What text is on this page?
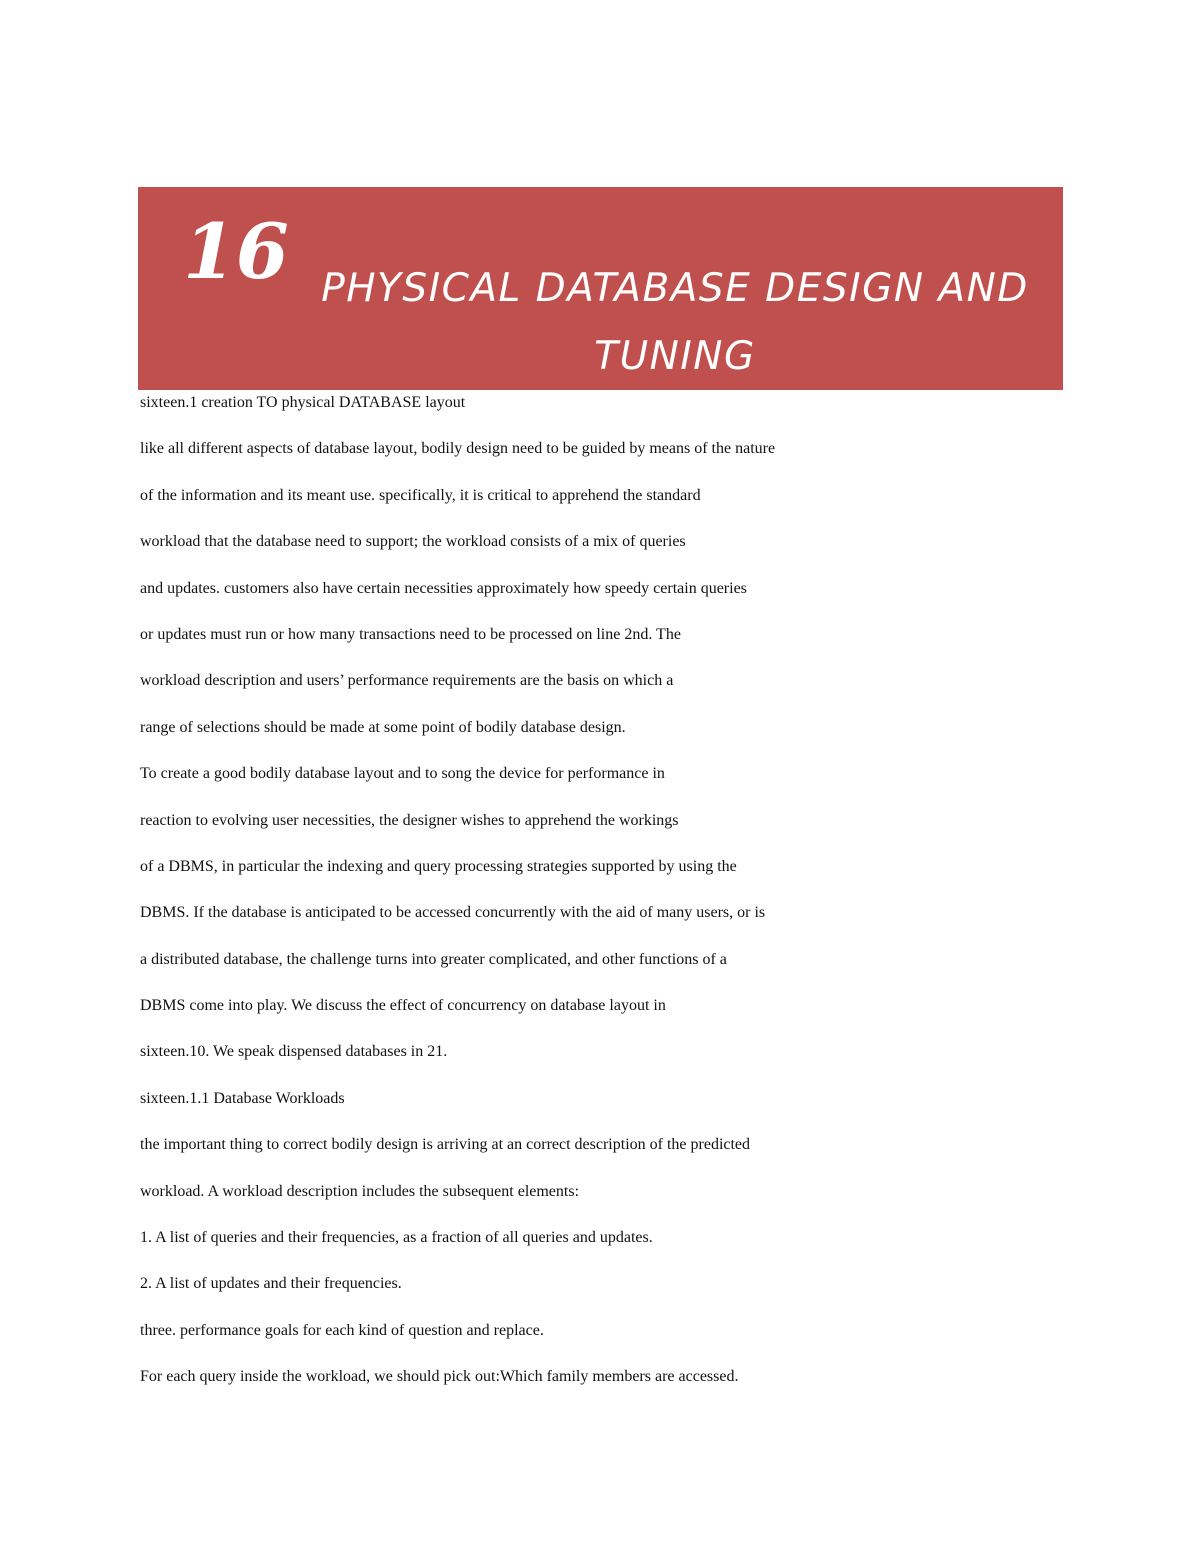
16 PHYSICAL DATABASE DESIGN AND TUNING

sixteen.1 creation TO physical DATABASE layout

like all different aspects of database layout, bodily design need to be guided by means of the nature

of the information and its meant use. specifically, it is critical to apprehend the standard

workload that the database need to support; the workload consists of a mix of queries

and updates. customers also have certain necessities approximately how speedy certain queries

or updates must run or how many transactions need to be processed on line 2nd. The

workload description and users’ performance requirements are the basis on which a

range of selections should be made at some point of bodily database design.

To create a good bodily database layout and to song the device for performance in

reaction to evolving user necessities, the designer wishes to apprehend the workings

of a DBMS, in particular the indexing and query processing strategies supported by using the

DBMS. If the database is anticipated to be accessed concurrently with the aid of many users, or is

a distributed database, the challenge turns into greater complicated, and other functions of a

DBMS come into play. We discuss the effect of concurrency on database layout in

sixteen.10. We speak dispensed databases in 21.

sixteen.1.1 Database Workloads

the important thing to correct bodily design is arriving at an correct description of the predicted

workload. A workload description includes the subsequent elements:

1. A list of queries and their frequencies, as a fraction of all queries and updates.

2. A list of updates and their frequencies.

three. performance goals for each kind of question and replace.

For each query inside the workload, we should pick out:Which family members are accessed.
